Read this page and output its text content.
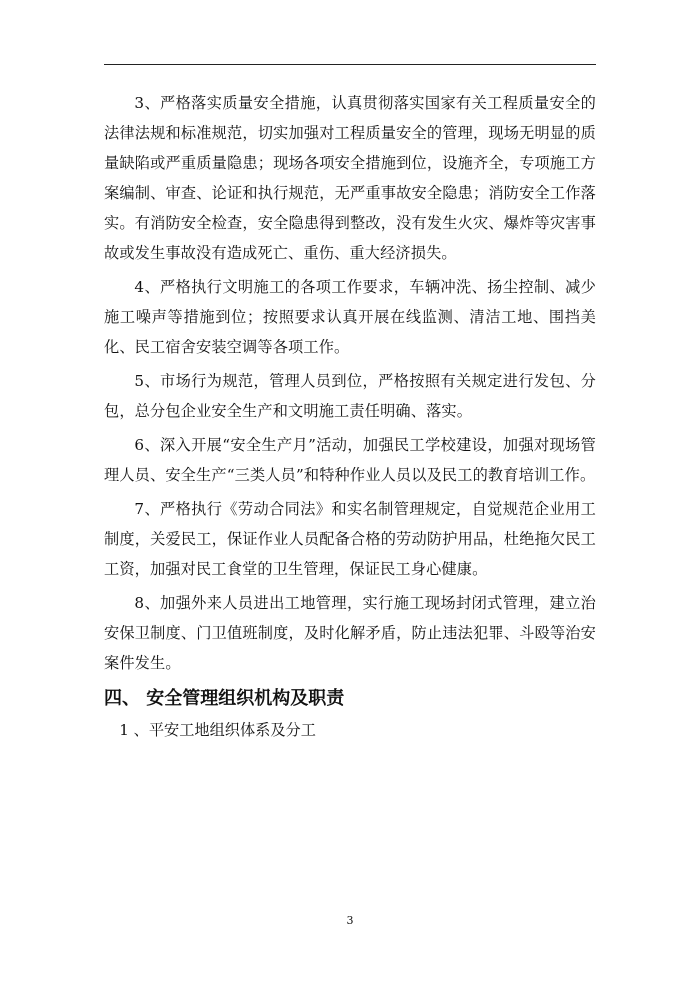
3、严格落实质量安全措施，认真贯彻落实国家有关工程质量安全的法律法规和标准规范，切实加强对工程质量安全的管理，现场无明显的质量缺陷或严重质量隐患；现场各项安全措施到位，设施齐全，专项施工方案编制、审查、论证和执行规范，无严重事故安全隐患；消防安全工作落实。有消防安全检查，安全隐患得到整改，没有发生火灾、爆炸等灾害事故或发生事故没有造成死亡、重伤、重大经济损失。

4、严格执行文明施工的各项工作要求，车辆冲洗、扬尘控制、减少施工噪声等措施到位；按照要求认真开展在线监测、清洁工地、围挡美化、民工宿舍安装空调等各项工作。

5、市场行为规范，管理人员到位，严格按照有关规定进行发包、分包，总分包企业安全生产和文明施工责任明确、落实。

6、深入开展“安全生产月”活动，加强民工学校建设，加强对现场管理人员、安全生产“三类人员”和特种作业人员以及民工的教育培训工作。

7、严格执行《劳动合同法》和实名制管理规定，自觉规范企业用工制度，关爱民工，保证作业人员配备合格的劳动防护用品，杜绝拖欠民工工资，加强对民工食堂的卫生管理，保证民工身心健康。

8、加强外来人员进出工地管理，实行施工现场封闭式管理，建立治安保卫制度、门卫值班制度，及时化解矛盾，防止违法犯罪、斗殴等治安案件发生。

四、 安全管理组织机构及职责

1 、平安工地组织体系及分工

3
